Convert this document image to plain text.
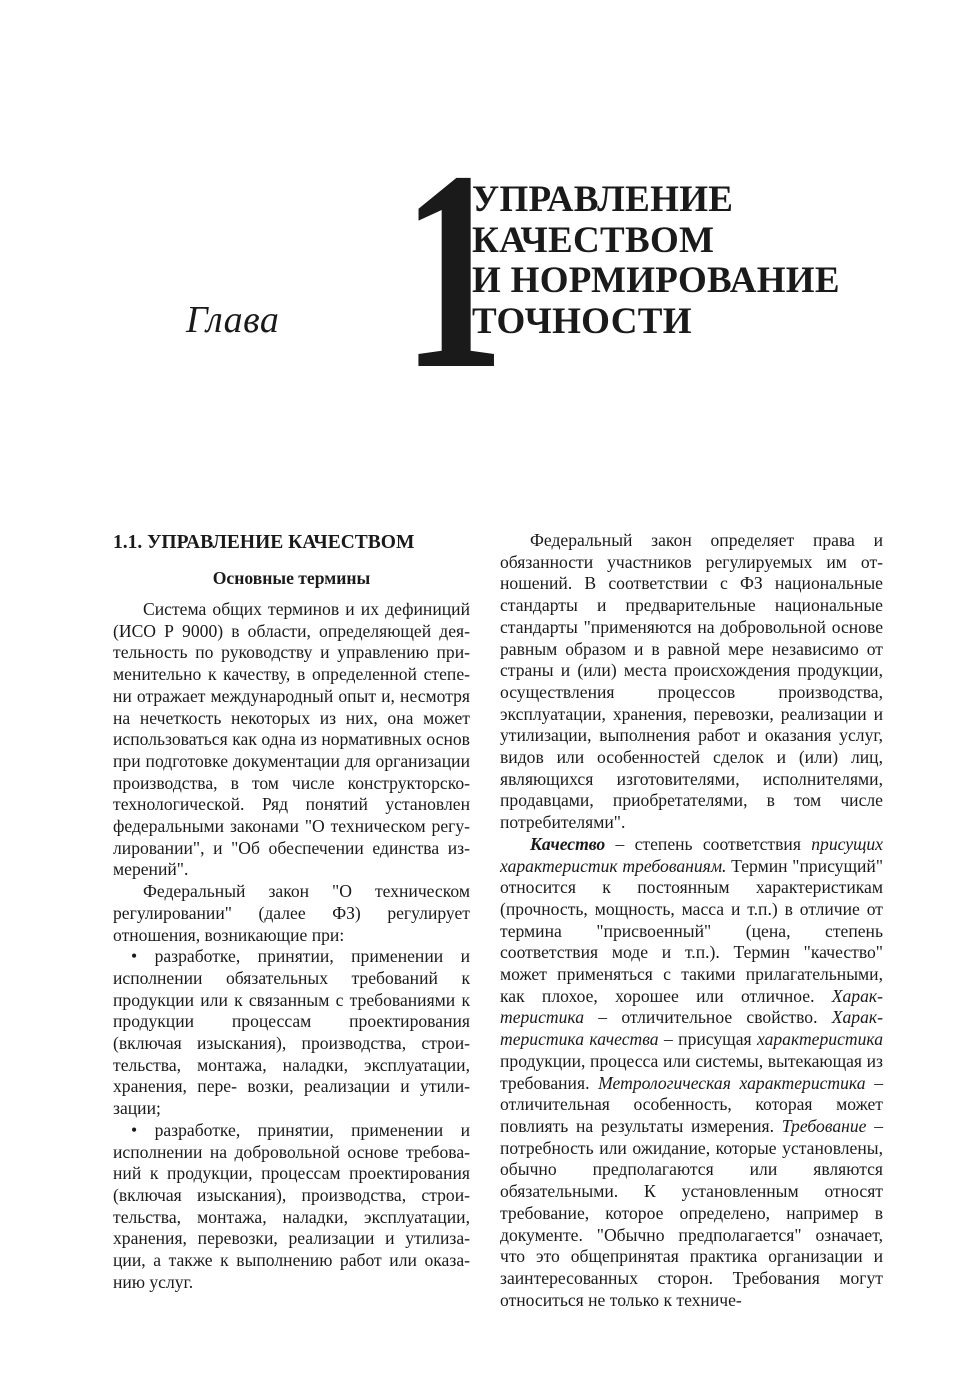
Глава 1
УПРАВЛЕНИЕ
КАЧЕСТВОМ
И НОРМИРОВАНИЕ
ТОЧНОСТИ
1.1. УПРАВЛЕНИЕ КАЧЕСТВОМ
Основные термины

Система общих терминов и их дефиниций (ИСО Р 9000) в области, определяющей деятельность по руководству и управлению применительно к качеству, в определенной степени отражает международный опыт и, несмотря на нечеткость некоторых из них, она может использоваться как одна из нормативных основ при подготовке документации для организации производства, в том числе конструкторско-технологической. Ряд понятий установлен федеральными законами "О техническом регулировании", и "Об обеспечении единства измерений".

Федеральный закон "О техническом регулировании" (далее ФЗ) регулирует отношения, возникающие при:

• разработке, принятии, применении и исполнении обязательных требований к продукции или к связанным с требованиями к продукции процессам проектирования (включая изыскания), производства, строительства, монтажа, наладки, эксплуатации, хранения, пере- возки, реализации и утилизации;

• разработке, принятии, применении и исполнении на добровольной основе требований к продукции, процессам проектирования (включая изыскания), производства, строительства, монтажа, наладки, эксплуатации, хранения, перевозки, реализации и утилизации, а также к выполнению работ или оказанию услуг.

Федеральный закон определяет права и обязанности участников регулируемых им отношений. В соответствии с ФЗ национальные стандарты и предварительные национальные стандарты "применяются на добровольной основе равным образом и в равной мере независимо от страны и (или) места происхождения продукции, осуществления процессов производства, эксплуатации, хранения, перевозки, реализации и утилизации, выполнения работ и оказания услуг, видов или особенностей сделок и (или) лиц, являющихся изготовителями, исполнителями, продавцами, приобретателями, в том числе потребителями".

Качество – степень соответствия присущих характеристик требованиям. Термин "присущий" относится к постоянным характеристикам (прочность, мощность, масса и т.п.) в отличие от термина "присвоенный" (цена, степень соответствия моде и т.п.). Термин "качество" может применяться с такими прилагательными, как плохое, хорошее или отличное. Характеристика – отличительное свойство. Характеристика качества – присущая характеристика продукции, процесса или системы, вытекающая из требования. Метрологическая характеристика – отличительная особенность, которая может повлиять на результаты измерения. Требование – потребность или ожидание, которые установлены, обычно предполагаются или являются обязательными. К установленным относят требование, которое определено, например в документе. "Обычно предполагается" означает, что это общепринятая практика организации и заинтересованных сторон. Требования могут относиться не только к техниче-
